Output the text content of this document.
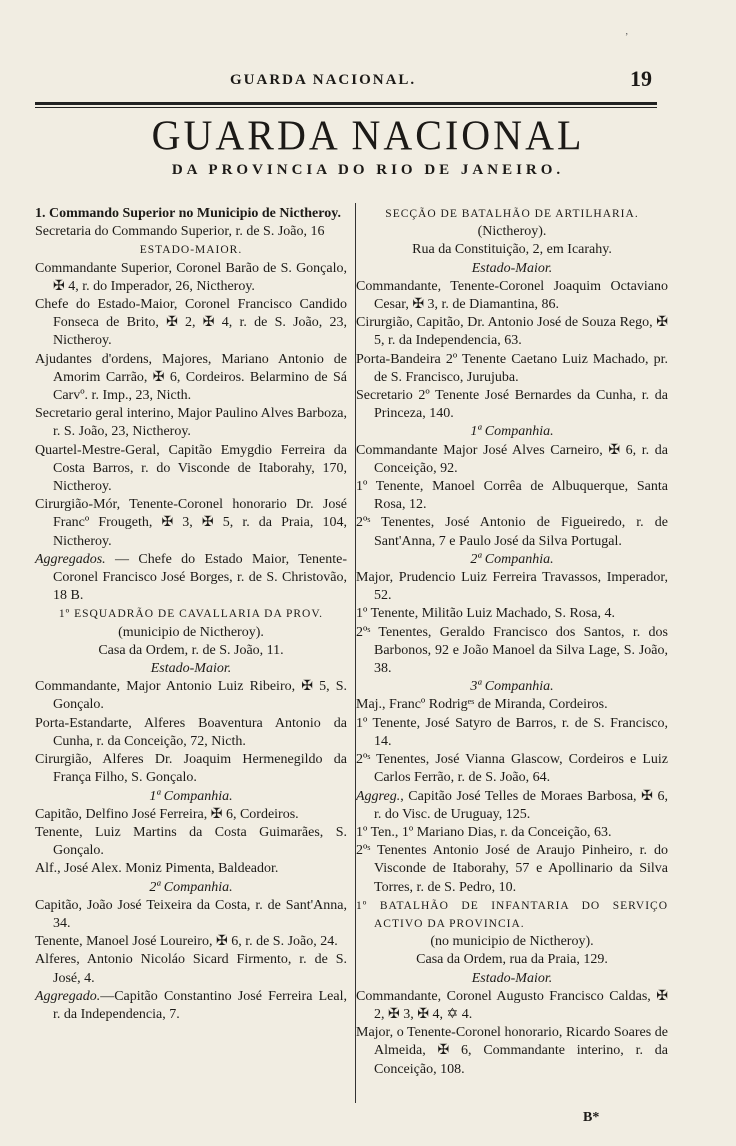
’
GUARDA NACIONAL.	19
GUARDA NACIONAL
DA PROVINCIA DO RIO DE JANEIRO.

1. Commando Superior no Municipio de Nictheroy.

Secretaria do Commando Superior, r. de S. João, 16

ESTADO-MAIOR.

Commandante Superior, Coronel Barão de S. Gonçalo, ✠ 4, r. do Imperador, 26, Nictheroy.

Chefe do Estado-Maior, Coronel Francisco Candido Fonseca de Brito, ✠ 2, ✠ 4, r. de S. João, 23, Nictheroy.

Ajudantes d'ordens, Majores, Mariano Antonio de Amorim Carrão, ✠ 6, Cordeiros. Belarmino de Sá Carvº. r. Imp., 23, Nicth.

Secretario geral interino, Major Paulino Alves Barboza, r. S. João, 23, Nictheroy.

Quartel-Mestre-Geral, Capitão Emygdio Ferreira da Costa Barros, r. do Visconde de Itaborahy, 170, Nictheroy.

Cirurgião-Mór, Tenente-Coronel honorario Dr. José Francº Frougeth, ✠ 3, ✠ 5, r. da Praia, 104, Nictheroy.

Aggregados. — Chefe do Estado Maior, Tenente-Coronel Francisco José Borges, r. de S. Christovão, 18 B.

1º ESQUADRÃO DE CAVALLARIA DA PROV.

(municipio de Nictheroy).

Casa da Ordem, r. de S. João, 11.

Estado-Maior.

Commandante, Major Antonio Luiz Ribeiro, ✠ 5, S. Gonçalo.

Porta-Estandarte, Alferes Boaventura Antonio da Cunha, r. da Conceição, 72, Nicth.

Cirurgião, Alferes Dr. Joaquim Hermenegildo da França Filho, S. Gonçalo.

1ª Companhia.

Capitão, Delfino José Ferreira, ✠ 6, Cordeiros.

Tenente, Luiz Martins da Costa Guimarães, S. Gonçalo.

Alf., José Alex. Moniz Pimenta, Baldeador.

2ª Companhia.

Capitão, João José Teixeira da Costa, r. de Sant'Anna, 34.

Tenente, Manoel José Loureiro, ✠ 6, r. de S. João, 24.

Alferes, Antonio Nicoláo Sicard Firmento, r. de S. José, 4.

Aggregado.—Capitão Constantino José Ferreira Leal, r. da Independencia, 7.

SECÇÃO DE BATALHÃO DE ARTILHARIA.

(Nictheroy).

Rua da Constituição, 2, em Icarahy.

Estado-Maior.

Commandante, Tenente-Coronel Joaquim Octaviano Cesar, ✠ 3, r. de Diamantina, 86.

Cirurgião, Capitão, Dr. Antonio José de Souza Rego, ✠ 5, r. da Independencia, 63.

Porta-Bandeira 2º Tenente Caetano Luiz Machado, pr. de S. Francisco, Jurujuba.

Secretario 2º Tenente José Bernardes da Cunha, r. da Princeza, 140.

1ª Companhia.

Commandante Major José Alves Carneiro, ✠ 6, r. da Conceição, 92.

1º Tenente, Manoel Corrêa de Albuquerque, Santa Rosa, 12.

2ºˢ Tenentes, José Antonio de Figueiredo, r. de Sant'Anna, 7 e Paulo José da Silva Portugal.

2ª Companhia.

Major, Prudencio Luiz Ferreira Travassos, Imperador, 52.

1º Tenente, Militão Luiz Machado, S. Rosa, 4.

2ºˢ Tenentes, Geraldo Francisco dos Santos, r. dos Barbonos, 92 e João Manoel da Silva Lage, S. João, 38.

3ª Companhia.

Maj., Francº Rodrigᵉˢ de Miranda, Cordeiros.

1º Tenente, José Satyro de Barros, r. de S. Francisco, 14.

2ºˢ Tenentes, José Vianna Glascow, Cordeiros e Luiz Carlos Ferrão, r. de S. João, 64.

Aggreg., Capitão José Telles de Moraes Barbosa, ✠ 6, r. do Visc. de Uruguay, 125.

1º Ten., 1º Mariano Dias, r. da Conceição, 63.

2ºˢ Tenentes Antonio José de Araujo Pinheiro, r. do Visconde de Itaborahy, 57 e Apollinario da Silva Torres, r. de S. Pedro, 10.

1º BATALHÃO DE INFANTARIA DO SERVIÇO ACTIVO DA PROVINCIA.

(no municipio de Nictheroy).

Casa da Ordem, rua da Praia, 129.

Estado-Maior.

Commandante, Coronel Augusto Francisco Caldas, ✠ 2, ✠ 3, ✠ 4, ✡ 4.

Major, o Tenente-Coronel honorario, Ricardo Soares de Almeida, ✠ 6, Commandante interino, r. da Conceição, 108.

B*
